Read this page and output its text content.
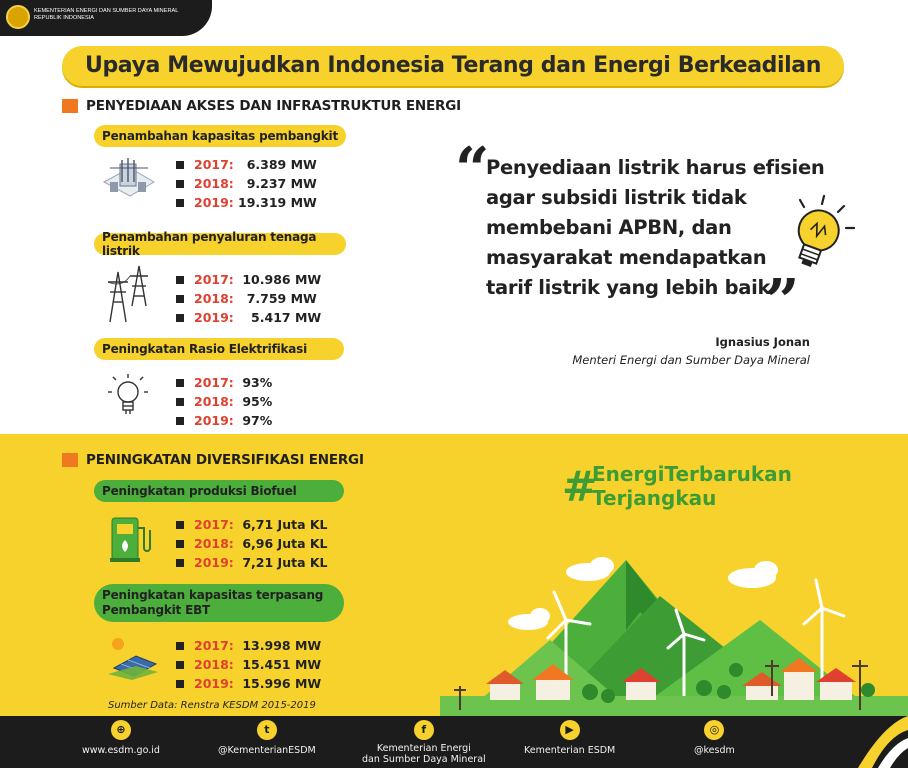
KEMENTERIAN ENERGI DAN SUMBER DAYA MINERAL
REPUBLIK INDONESIA
Upaya Mewujudkan Indonesia Terang dan Energi Berkeadilan
PENYEDIAAN AKSES DAN INFRASTRUKTUR ENERGI
Penambahan kapasitas pembangkit
2017: 6.389 MW
2018: 9.237 MW
2019: 19.319 MW
Penambahan penyaluran tenaga listrik
2017: 10.986 MW
2018: 7.759 MW
2019: 5.417 MW
Peningkatan Rasio Elektrifikasi
2017: 93%
2018: 95%
2019: 97%
“
Penyediaan listrik harus efisien
agar subsidi listrik tidak
membebani APBN, dan
masyarakat mendapatkan
tarif listrik yang lebih baik
”
Ignasius Jonan
Menteri Energi dan Sumber Daya Mineral
PENINGKATAN DIVERSIFIKASI ENERGI
Peningkatan produksi Biofuel
2017: 6,71 Juta KL
2018: 6,96 Juta KL
2019: 7,21 Juta KL
Peningkatan kapasitas terpasang
Pembangkit EBT
2017: 13.998 MW
2018: 15.451 MW
2019: 15.996 MW
Sumber Data: Renstra KESDM 2015-2019
#
EnergiTerbarukan
Terjangkau
⊕
www.esdm.go.id
t
@KementerianESDM
f
Kementerian Energi
dan Sumber Daya Mineral
▶
Kementerian ESDM
◎
@kesdm
